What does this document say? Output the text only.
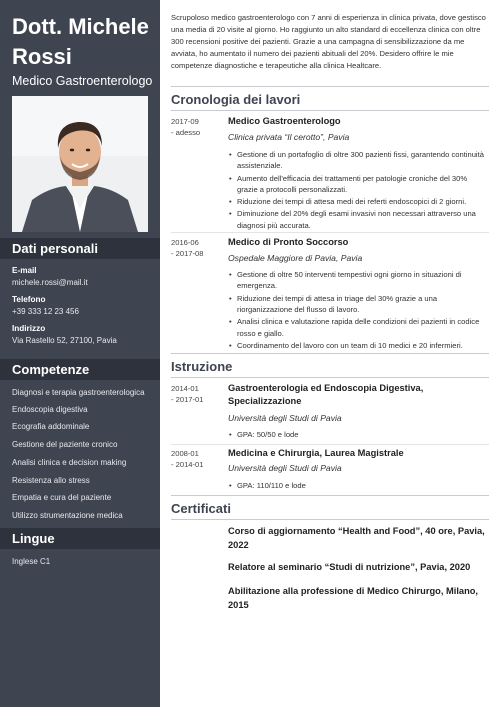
Dott. Michele Rossi
Medico Gastroenterologo
Dati personali
E-mail
michele.rossi@mail.it
Telefono
+39 333 12 23 456
Indirizzo
Via Rastello 52, 27100, Pavia
Competenze
Diagnosi e terapia gastroenterologica
Endoscopia digestiva
Ecografia addominale
Gestione del paziente cronico
Analisi clinica e decision making
Resistenza allo stress
Empatia e cura del paziente
Utilizzo strumentazione medica
Lingue
Inglese C1
Scrupoloso medico gastroenterologo con 7 anni di esperienza in clinica privata, dove gestisco una media di 20 visite al giorno. Ho raggiunto un alto standard di eccellenza clinica con oltre 300 recensioni positive dei pazienti. Grazie a una campagna di sensibilizzazione da me avviata, ho aumentato il numero dei pazienti abituali del 20%. Desidero offrire le mie competenze diagnostiche e terapeutiche alla clinica Healtcare.
Cronologia dei lavori
2017-09
- adesso
Medico Gastroenterologo
Clinica privata “Il cerotto”, Pavia
• Gestione di un portafoglio di oltre 300 pazienti fissi, garantendo continuità assistenziale.
• Aumento dell'efficacia dei trattamenti per patologie croniche del 30% grazie a protocolli personalizzati.
• Riduzione dei tempi di attesa medi dei referti endoscopici di 2 giorni.
• Diminuzione del 20% degli esami invasivi non necessari attraverso una diagnosi più accurata.
2016-06
- 2017-08
Medico di Pronto Soccorso
Ospedale Maggiore di Pavia, Pavia
• Gestione di oltre 50 interventi tempestivi ogni giorno in situazioni di emergenza.
• Riduzione dei tempi di attesa in triage del 30% grazie a una riorganizzazione del flusso di lavoro.
• Analisi clinica e valutazione rapida delle condizioni dei pazienti in codice rosso e giallo.
• Coordinamento del lavoro con un team di 10 medici e 20 infermieri.
Istruzione
2014-01
- 2017-01
Gastroenterologia ed Endoscopia Digestiva, Specializzazione
Università degli Studi di Pavia
• GPA: 50/50 e lode
2008-01
- 2014-01
Medicina e Chirurgia, Laurea Magistrale
Università degli Studi di Pavia
• GPA: 110/110 e lode
Certificati
Corso di aggiornamento “Health and Food”, 40 ore, Pavia, 2022
Relatore al seminario “Studi di nutrizione”, Pavia, 2020
Abilitazione alla professione di Medico Chirurgo, Milano, 2015
